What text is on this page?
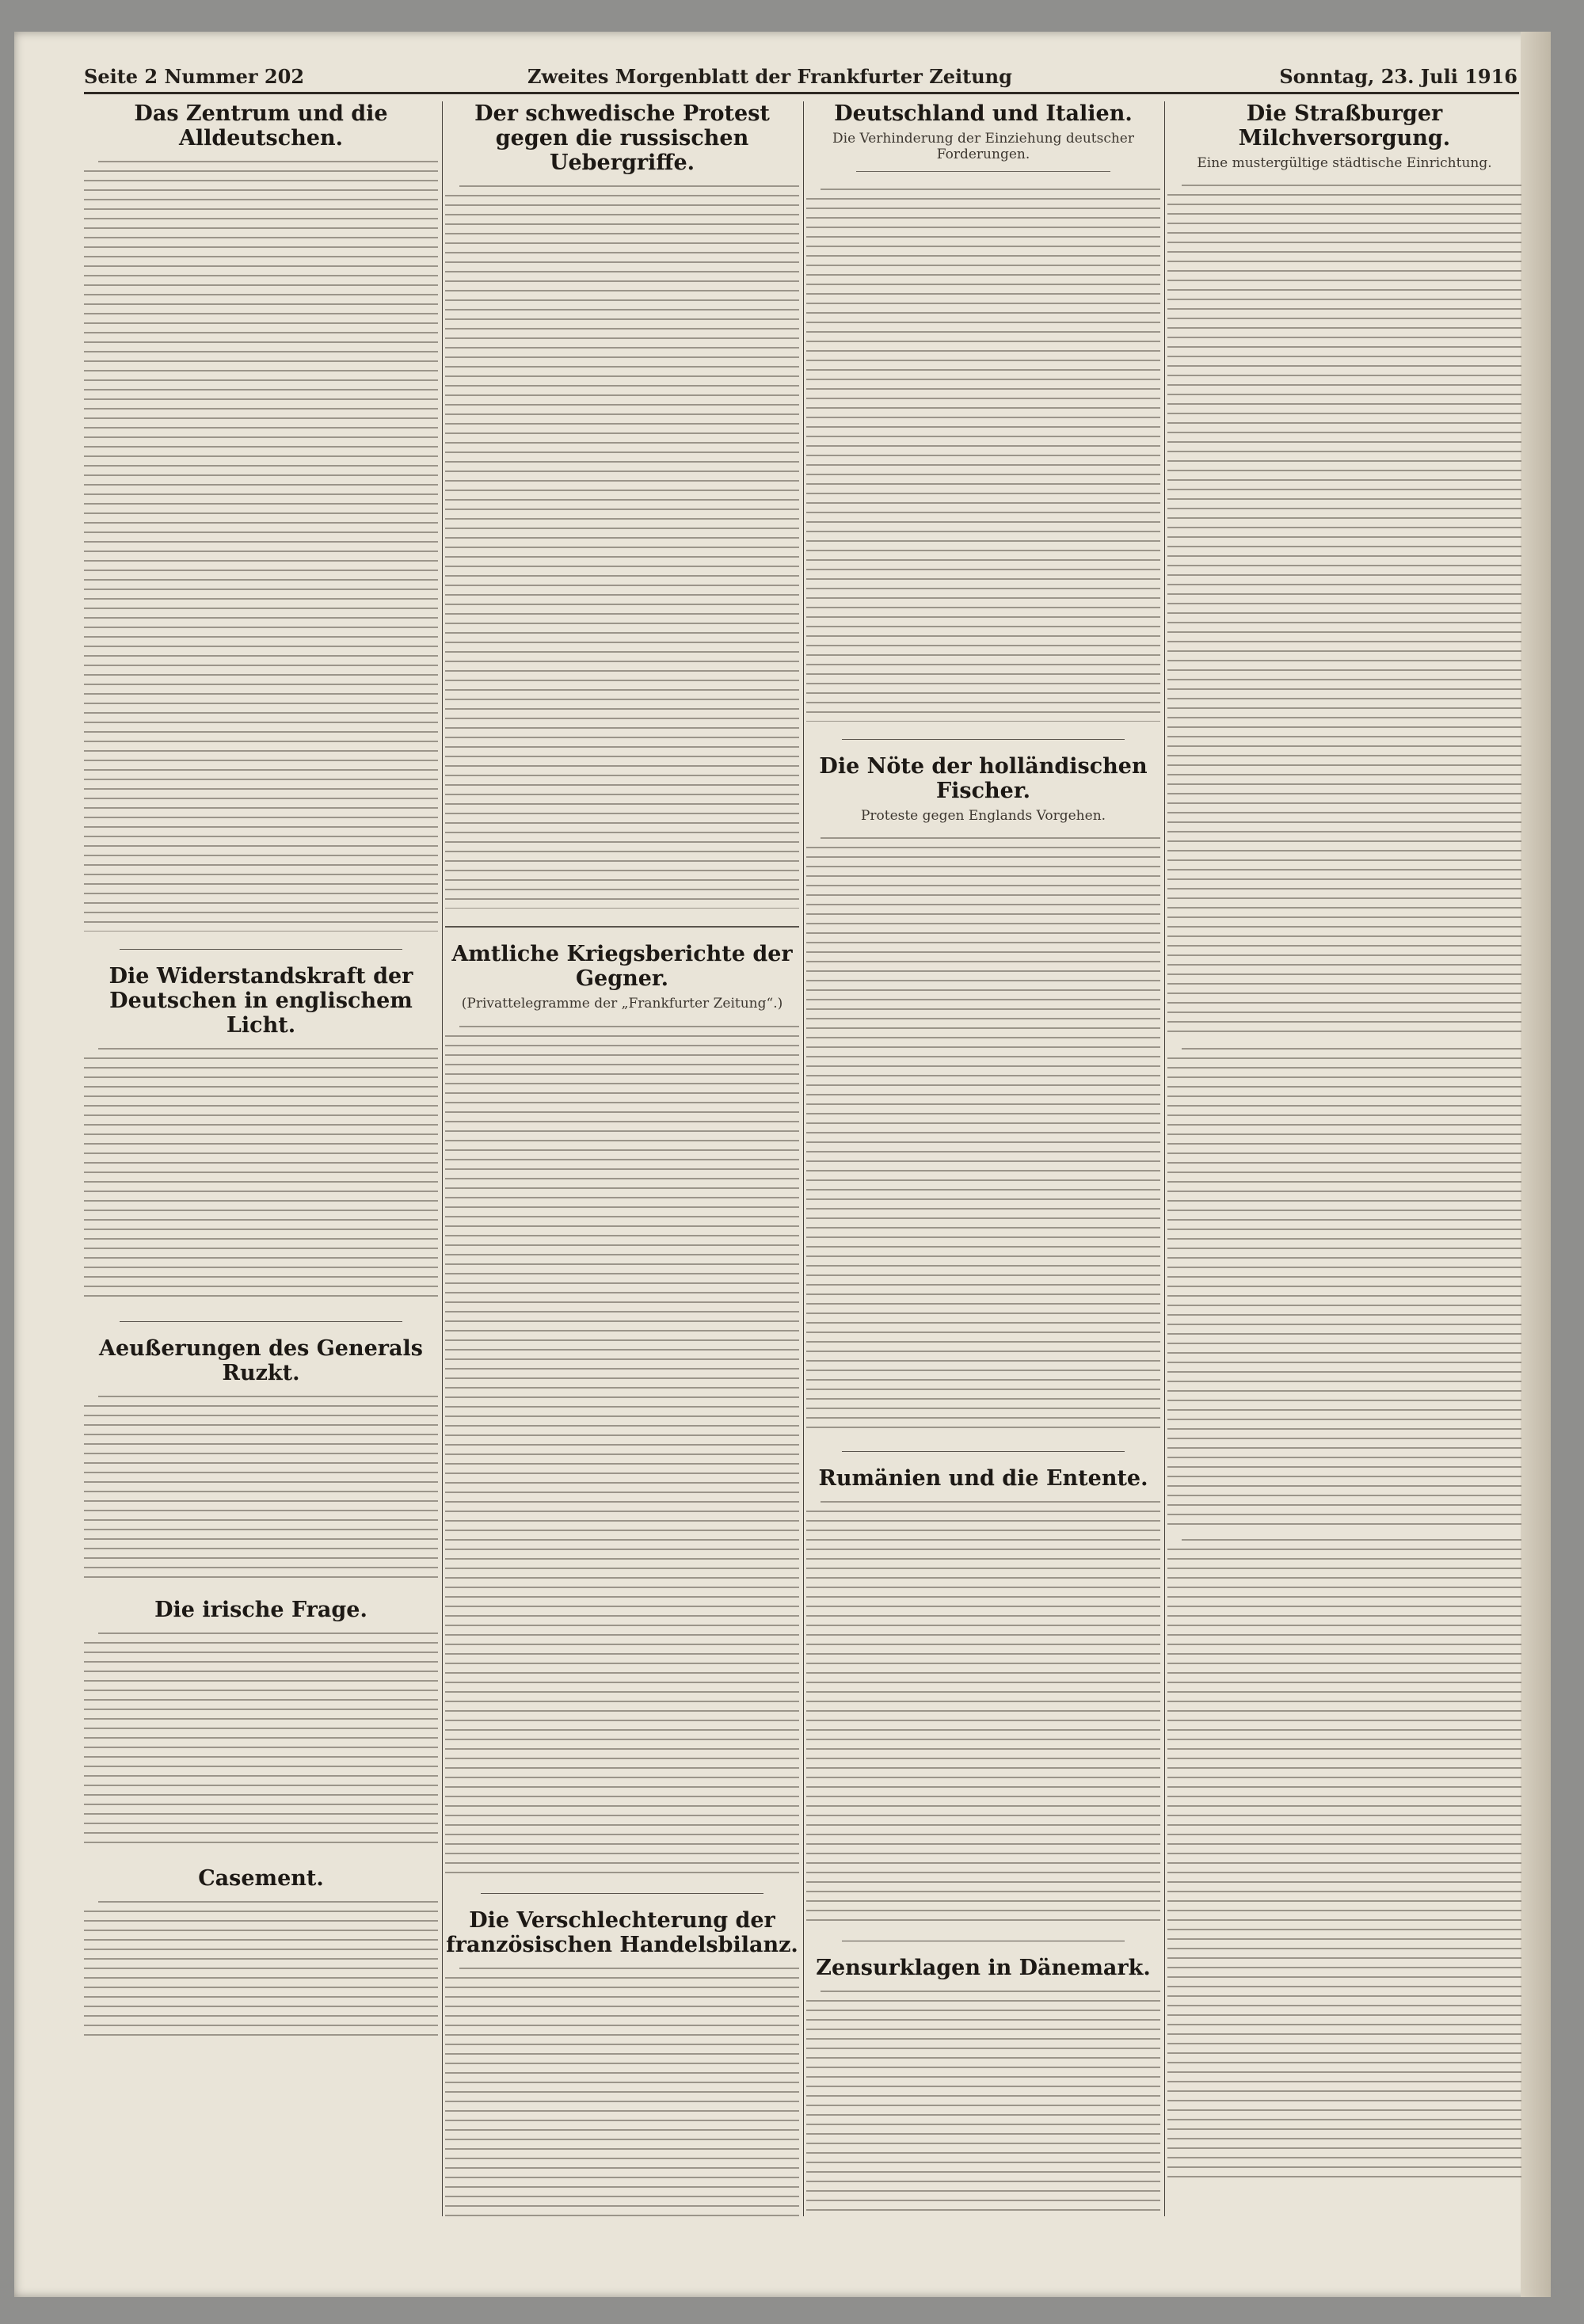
Seite 2 Nummer 202	Zweites Morgenblatt der Frankfurter Zeitung	Sonntag, 23. Juli 1916
Das Zentrum und die Alldeutschen.
Die Widerstandskraft der Deutschen in englischem Licht.
Aeußerungen des Generals Ruzkt.
Die irische Frage.
Casement.
Der schwedische Protest gegen die russischen Uebergriffe.
Amtliche Kriegsberichte der Gegner.
(Privattelegramme der „Frankfurter Zeitung“.)
Die Verschlechterung der französischen Handelsbilanz.
Deutschland und Italien.
Die Verhinderung der Einziehung deutscher Forderungen.
Die Nöte der holländischen Fischer.
Proteste gegen Englands Vorgehen.
Rumänien und die Entente.
Zensurklagen in Dänemark.
Die Straßburger Milchversorgung.
Eine mustergültige städtische Einrichtung.
